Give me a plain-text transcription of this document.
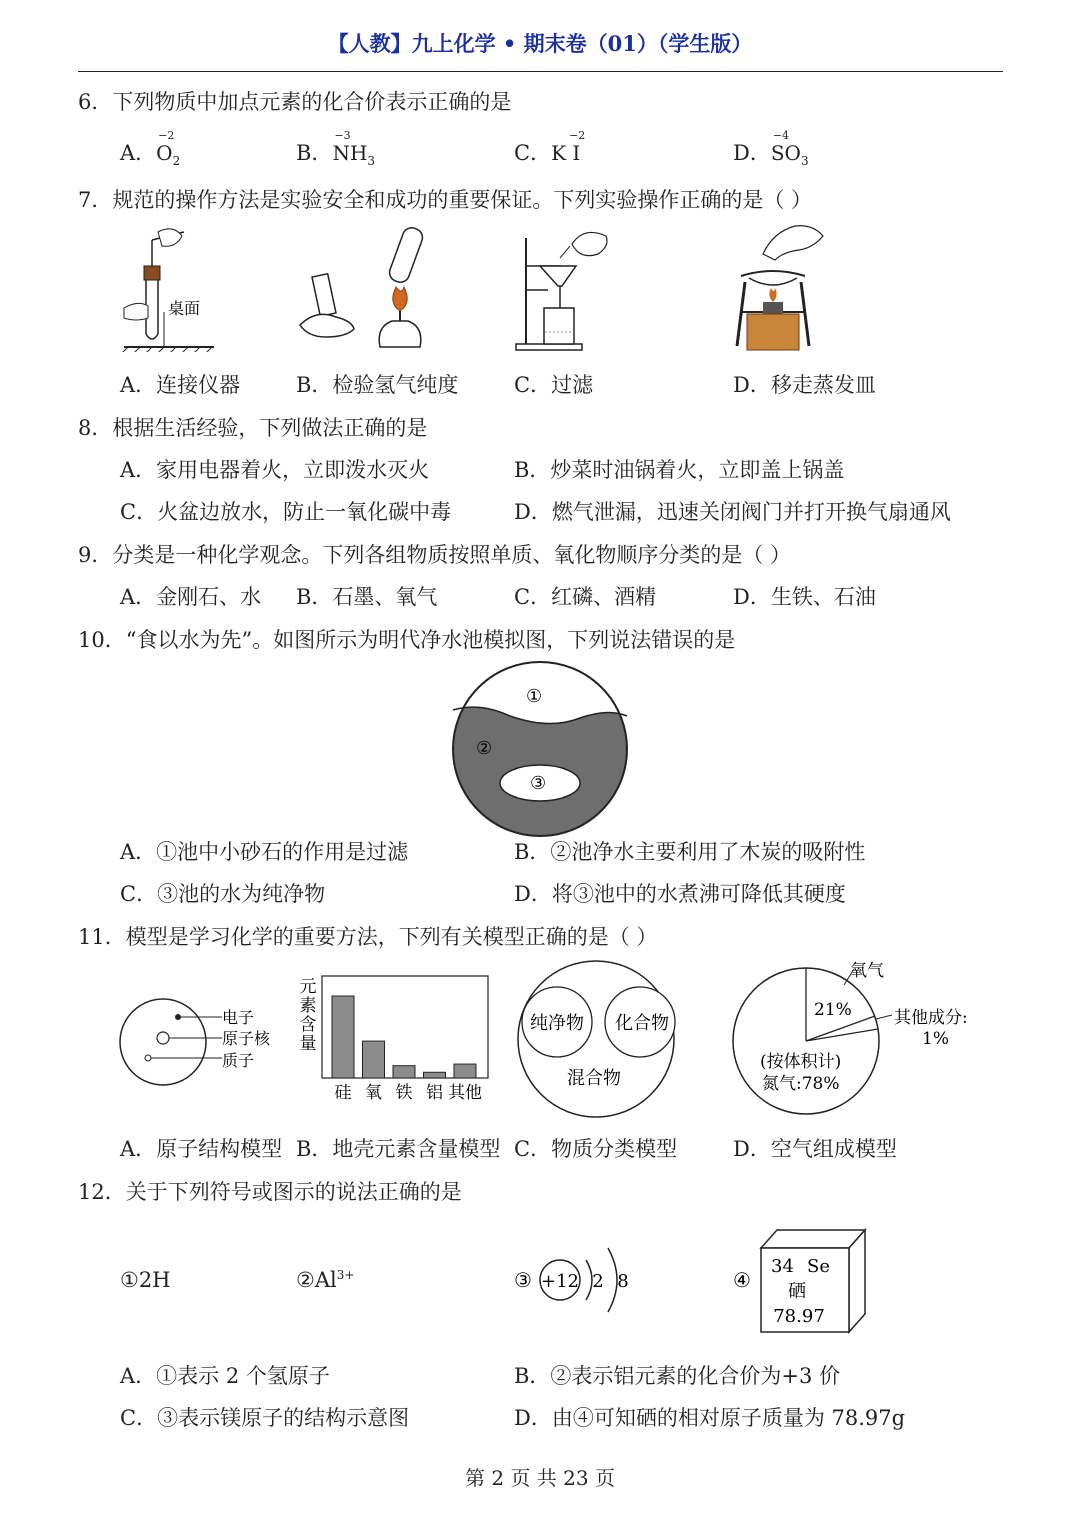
【人教】九上化学 • 期末卷（01）（学生版）
6．下列物质中加点元素的化合价表示正确的是
A．
−2
$O_2$	B．
−3
$NH_3$	C．
−2
K I	D．
−4
$SO_3$
7．规范的操作方法是实验安全和成功的重要保证。下列实验操作正确的是（ ）
桌面
A．连接仪器	B．检验氢气纯度	C．过滤	D．移走蒸发皿
8．根据生活经验，下列做法正确的是
A．家用电器着火，立即泼水灭火	B．炒菜时油锅着火，立即盖上锅盖
C．火盆边放水，防止一氧化碳中毒	D．燃气泄漏，迅速关闭阀门并打开换气扇通风
9．分类是一种化学观念。下列各组物质按照单质、氧化物顺序分类的是（ ）
A．金刚石、水 B．石墨、氧气	C．红磷、酒精	D．生铁、石油
10．“食以水为先”。如图所示为明代净水池模拟图，下列说法错误的是
①
②
③
A．①池中小砂石的作用是过滤	B．②池净水主要利用了木炭的吸附性
C．③池的水为纯净物	D．将③池中的水煮沸可降低其硬度
11．模型是学习化学的重要方法，下列有关模型正确的是（ ）
电子
原子核
质子
元
素
含
量
硅 氧 铁 铝 其他
纯净物 化合物
混合物
氧气
21% 其他成分:
1%
(按体积计)
氮气:78%
A．原子结构模型 B．地壳元素含量模型 C．物质分类模型	D．空气组成模型
12．关于下列符号或图示的说法正确的是
①2H	$②Al^{3+}$	③ +12 2 8	④
34 Se
硒
78.97
A．①表示 2 个氢原子	B．②表示铝元素的化合价为+3 价
C．③表示镁原子的结构示意图	D．由④可知硒的相对原子质量为 78.97g
第 2 页 共 23 页
